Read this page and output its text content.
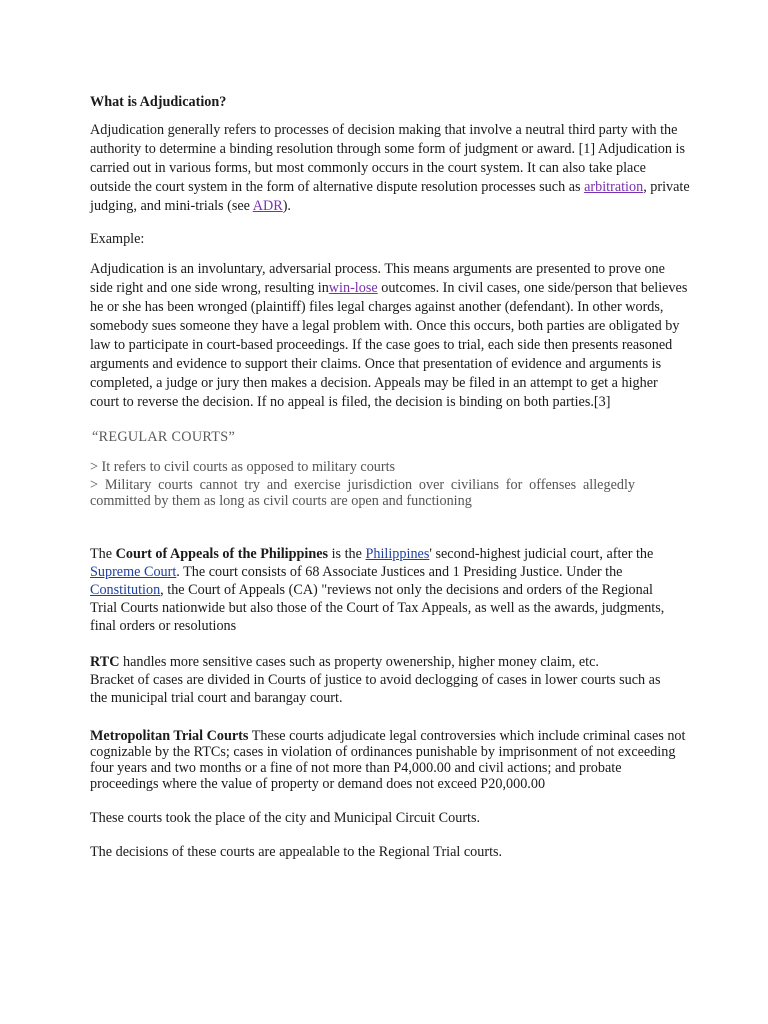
What is Adjudication?

Adjudication generally refers to processes of decision making that involve a neutral third party with the authority to determine a binding resolution through some form of judgment or award. [1] Adjudication is carried out in various forms, but most commonly occurs in the court system. It can also take place outside the court system in the form of alternative dispute resolution processes such as arbitration, private judging, and mini-trials (see ADR).

Example:

Adjudication is an involuntary, adversarial process. This means arguments are presented to prove one side right and one side wrong, resulting inwin-lose outcomes. In civil cases, one side/person that believes he or she has been wronged (plaintiff) files legal charges against another (defendant). In other words, somebody sues someone they have a legal problem with. Once this occurs, both parties are obligated by law to participate in court-based proceedings. If the case goes to trial, each side then presents reasoned arguments and evidence to support their claims. Once that presentation of evidence and arguments is completed, a judge or jury then makes a decision. Appeals may be filed in an attempt to get a higher court to reverse the decision. If no appeal is filed, the decision is binding on both parties.[3]

“REGULAR COURTS”

> It refers to civil courts as opposed to military courts

> Military courts cannot try and exercise jurisdiction over civilians for offenses allegedly committed by them as long as civil courts are open and functioning

The Court of Appeals of the Philippines is the Philippines' second-highest judicial court, after the Supreme Court. The court consists of 68 Associate Justices and 1 Presiding Justice. Under the Constitution, the Court of Appeals (CA) "reviews not only the decisions and orders of the Regional Trial Courts nationwide but also those of the Court of Tax Appeals, as well as the awards, judgments, final orders or resolutions

RTC handles more sensitive cases such as property owenership, higher money claim, etc.
Bracket of cases are divided in Courts of justice to avoid declogging of cases in lower courts such as the municipal trial court and barangay court.

Metropolitan Trial Courts These courts adjudicate legal controversies which include criminal cases not cognizable by the RTCs; cases in violation of ordinances punishable by imprisonment of not exceeding four years and two months or a fine of not more than P4,000.00 and civil actions; and probate proceedings where the value of property or demand does not exceed P20,000.00

These courts took the place of the city and Municipal Circuit Courts.

The decisions of these courts are appealable to the Regional Trial courts.
